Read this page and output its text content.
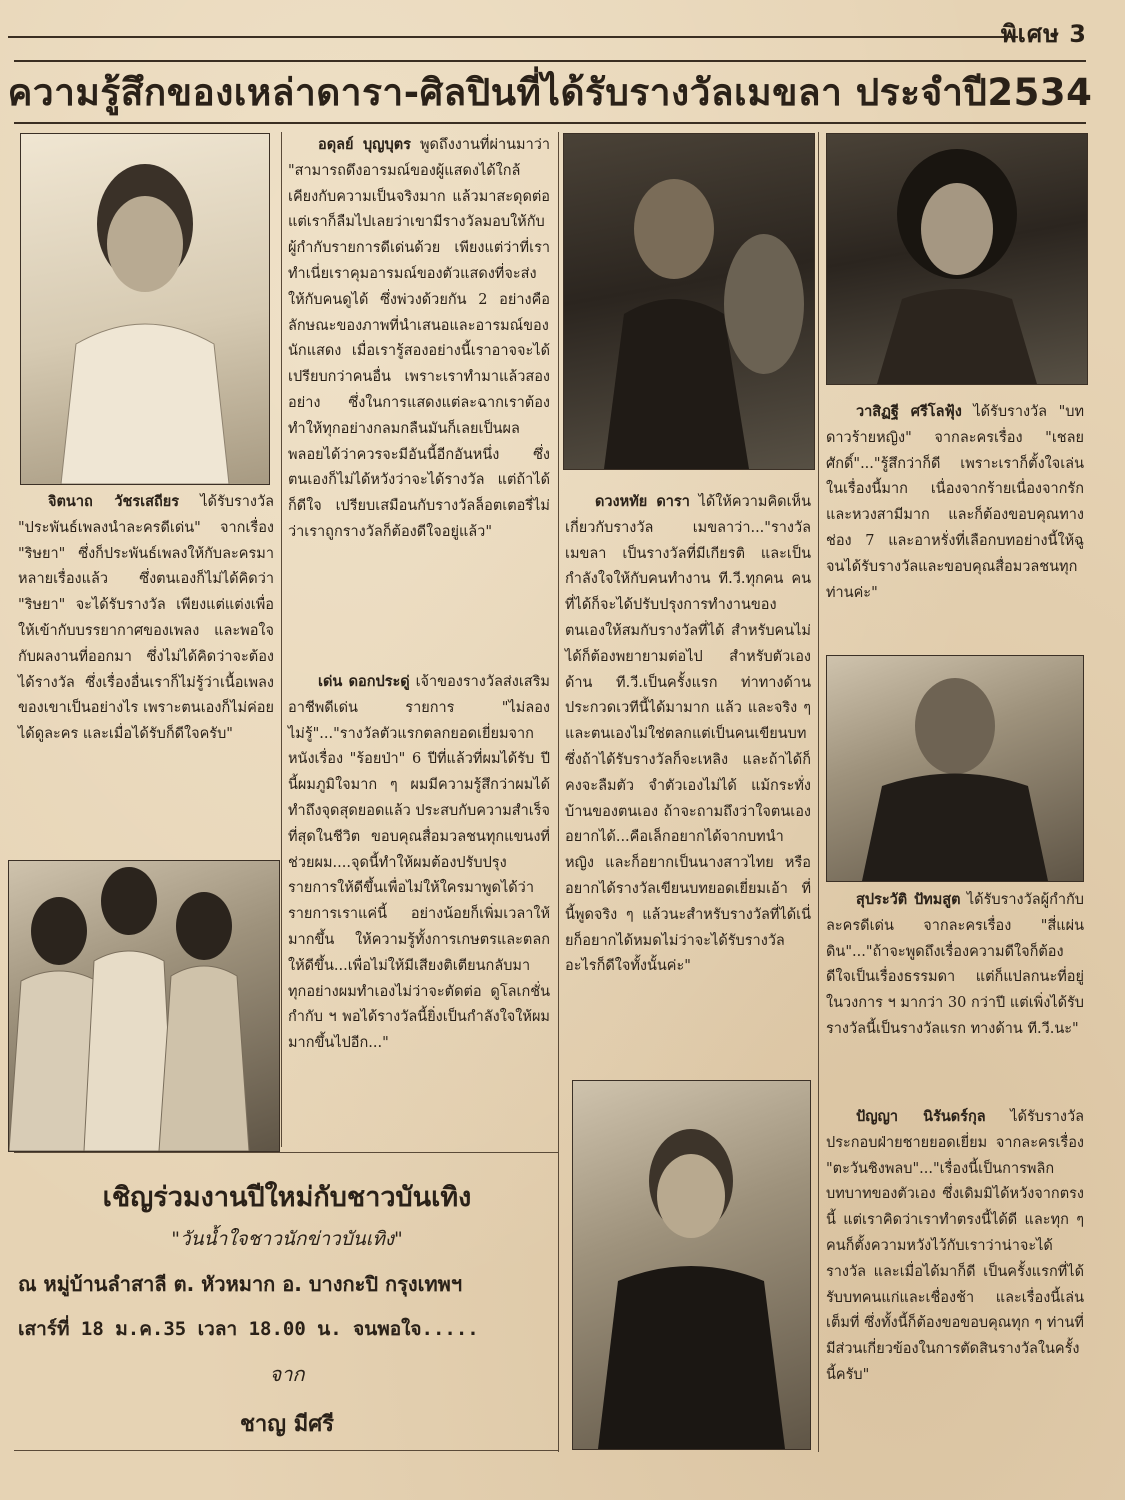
พิเศษ 3
ความรู้สึกของเหล่าดารา-ศิลปินที่ได้รับรางวัลเมขลา ประจำปี2534

จิตนาถ วัชรเสถียร ได้รับรางวัล "ประพันธ์เพลงนำละครดีเด่น" จากเรื่อง "ริษยา" ซึ่งก็ประพันธ์เพลงให้กับละครมาหลายเรื่องแล้ว ซึ่งตนเองก็ไม่ได้คิดว่า "ริษยา" จะได้รับรางวัล เพียงแต่แต่งเพื่อให้เข้ากับบรรยากาศของเพลง และพอใจกับผลงานที่ออกมา ซึ่งไม่ได้คิดว่าจะต้องได้รางวัล ซึ่งเรื่องอื่นเราก็ไม่รู้ว่าเนื้อเพลงของเขาเป็นอย่างไร เพราะตนเองก็ไม่ค่อยได้ดูละคร และเมื่อได้รับก็ดีใจครับ"

อดุลย์ บุญบุตร พูดถึงงานที่ผ่านมาว่า "สามารถดึงอารมณ์ของผู้แสดงได้ใกล้เคียงกับความเป็นจริงมาก แล้วมาสะดุดต่อ แต่เราก็ลืมไปเลยว่าเขามีรางวัลมอบให้กับผู้กำกับรายการดีเด่นด้วย เพียงแต่ว่าที่เราทำเนี่ยเราคุมอารมณ์ของตัวแสดงที่จะส่งให้กับคนดูได้ ซึ่งพ่วงด้วยกัน 2 อย่างคือลักษณะของภาพที่นำเสนอและอารมณ์ของนักแสดง เมื่อเรารู้สองอย่างนี้เราอาจจะได้เปรียบกว่าคนอื่น เพราะเราทำมาแล้วสองอย่าง ซึ่งในการแสดงแต่ละฉากเราต้องทำให้ทุกอย่างกลมกลืนมันก็เลยเป็นผล พลอยได้ว่าควรจะมีอันนี้อีกอันหนึ่ง ซึ่งตนเองก็ไม่ได้หวังว่าจะได้รางวัล แต่ถ้าได้ก็ดีใจ เปรียบเสมือนกับรางวัลล็อตเตอรี่ไม่ว่าเราถูกรางวัลก็ต้องดีใจอยู่แล้ว"

เด่น ดอกประดู่ เจ้าของรางวัลส่งเสริมอาชีพดีเด่น รายการ "ไม่ลองไม่รู้"..."รางวัลตัวแรกตลกยอดเยี่ยมจากหนังเรื่อง "ร้อยป่า" 6 ปีที่แล้วที่ผมได้รับ ปีนี้ผมภูมิใจมาก ๆ ผมมีความรู้สึกว่าผมได้ทำถึงจุดสุดยอดแล้ว ประสบกับความสำเร็จที่สุดในชีวิต ขอบคุณสื่อมวลชนทุกแขนงที่ช่วยผม....จุดนี้ทำให้ผมต้องปรับปรุงรายการให้ดีขึ้นเพื่อไม่ให้ใครมาพูดได้ว่ารายการเราแค่นี้ อย่างน้อยก็เพิ่มเวลาให้มากขึ้น ให้ความรู้ทั้งการเกษตรและตลกให้ดีขึ้น...เพื่อไม่ให้มีเสียงติเตียนกลับมา ทุกอย่างผมทำเองไม่ว่าจะตัดต่อ ดูโลเกชั่น กำกับ ฯ พอได้รางวัลนี้ยิ่งเป็นกำลังใจให้ผมมากขึ้นไปอีก..."

ดวงหทัย ดารา ได้ให้ความคิดเห็นเกี่ยวกับรางวัล เมขลาว่า..."รางวัล เมขลา เป็นรางวัลที่มีเกียรติ และเป็นกำลังใจให้กับคนทำงาน ที.วี.ทุกคน คนที่ได้ก็จะได้ปรับปรุงการทำงานของตนเองให้สมกับรางวัลที่ได้ สำหรับคนไม่ได้ก็ต้องพยายามต่อไป สำหรับตัวเองด้าน ที.วี.เป็นครั้งแรก ท่าทางด้านประกวดเวทีนี้ได้มามาก แล้ว และจริง ๆ และตนเองไม่ใช่ตลกแต่เป็นคนเขียนบท ซึ่งถ้าได้รับรางวัลก็จะเหลิง และถ้าได้ก็คงจะลืมตัว จำตัวเองไม่ได้ แม้กระทั่งบ้านของตนเอง ถ้าจะถามถึงว่าใจตนเองอยากได้...คือเล็กอยากได้จากบทนำหญิง และก็อยากเป็นนางสาวไทย หรืออยากได้รางวัลเขียนบทยอดเยี่ยมเอ้า ที่นี้พูดจริง ๆ แล้วนะสำหรับรางวัลที่ได้เนี่ยก็อยากได้หมดไม่ว่าจะได้รับรางวัลอะไรก็ดีใจทั้งนั้นค่ะ"

วาสิฏฐี ศรีโลฟุ้ง ได้รับรางวัล "บทดาวร้ายหญิง" จากละครเรื่อง "เชลยศักดิ์"..."รู้สึกว่าก็ดี เพราะเราก็ตั้งใจเล่นในเรื่องนี้มาก เนื่องจากร้ายเนื่องจากรักและหวงสามีมาก และก็ต้องขอบคุณทางช่อง 7 และอาหรั่งที่เลือกบทอย่างนี้ให้ฉูจนได้รับรางวัลและขอบคุณสื่อมวลชนทุกท่านค่ะ"

สุประวัติ ปัทมสูต ได้รับรางวัลผู้กำกับละครดีเด่น จากละครเรื่อง "สี่แผ่นดิน"..."ถ้าจะพูดถึงเรื่องความดีใจก็ต้องดีใจเป็นเรื่องธรรมดา แต่ก็แปลกนะที่อยู่ในวงการ ฯ มากว่า 30 กว่าปี แต่เพิ่งได้รับรางวัลนี้เป็นรางวัลแรก ทางด้าน ที.วี.นะ"

ปัญญา นิรันดร์กุล ได้รับรางวัลประกอบฝ่ายชายยอดเยี่ยม จากละครเรื่อง "ตะวันชิงพลบ"..."เรื่องนี้เป็นการพลิกบทบาทของตัวเอง ซึ่งเดิมมิได้หวังจากตรงนี้ แต่เราคิดว่าเราทำตรงนี้ได้ดี และทุก ๆ คนก็ตั้งความหวังไว้กับเราว่าน่าจะได้รางวัล และเมื่อได้มาก็ดี เป็นครั้งแรกที่ได้รับบทคนแก่และเชื่องช้า และเรื่องนี้เล่นเต็มที่ ซึ่งทั้งนี้ก็ต้องขอขอบคุณทุก ๆ ท่านที่มีส่วนเกี่ยวข้องในการตัดสินรางวัลในครั้งนี้ครับ"

เชิญร่วมงานปีใหม่กับชาวบันเทิง
"วันน้ำใจชาวนักข่าวบันเทิง"
ณ หมู่บ้านลำสาลี ต. หัวหมาก อ. บางกะปิ กรุงเทพฯ
เสาร์ที่ 18 ม.ค.35 เวลา 18.00 น. จนพอใจ.....
จาก
ชาญ มีศรี
